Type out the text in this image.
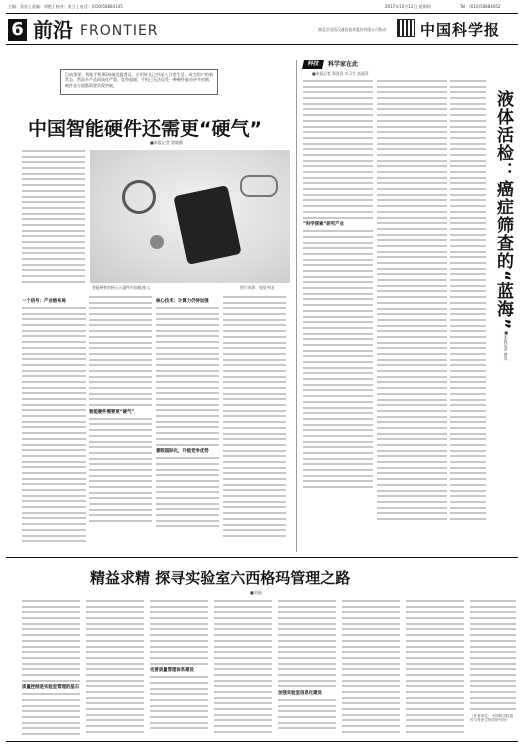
主编：张首 | 责编：刘艳 | 校对：张立 | 电话：(010)58884105	2017年10月12日 星期四	Tel：(010)58884052
6 前沿 FRONTIER	湖北京汉西汉通信技术股份有限公司协办	中国科学报
目前重要，智能手机4G终端迅猛普及，应用时长已经深入日常生活，成为用户的新常态，然而多产品同质化严重，竞争加剧；手机已无法仅凭一种硬件驱动更多创新，硬件各方面都需要实现突破。
中国智能硬件还需更“硬气”
■本报记者 贾晓静
智能硬件的核心元器件仍依赖进口。	图片来源：视觉中国
一个信号：产业链布局
智能硬件需要更“硬气”
核心技术：计算力仍待加强
着眼国际化，升级竞争优势
科技	科学家在此
■本报记者 郑金武 实习生 高丽萍
“科学探索”研究产业	液体活检：癌症筛查的“蓝海”
■本报记者 唐凤
精益求精 探寻实验室六西格玛管理之路
■刘丽
质量控制是实验室管理的基石
完善质量管理体系建设
加强实验室信息化建设
（作者单位：中国科学院遗传与发育生物学研究所）
